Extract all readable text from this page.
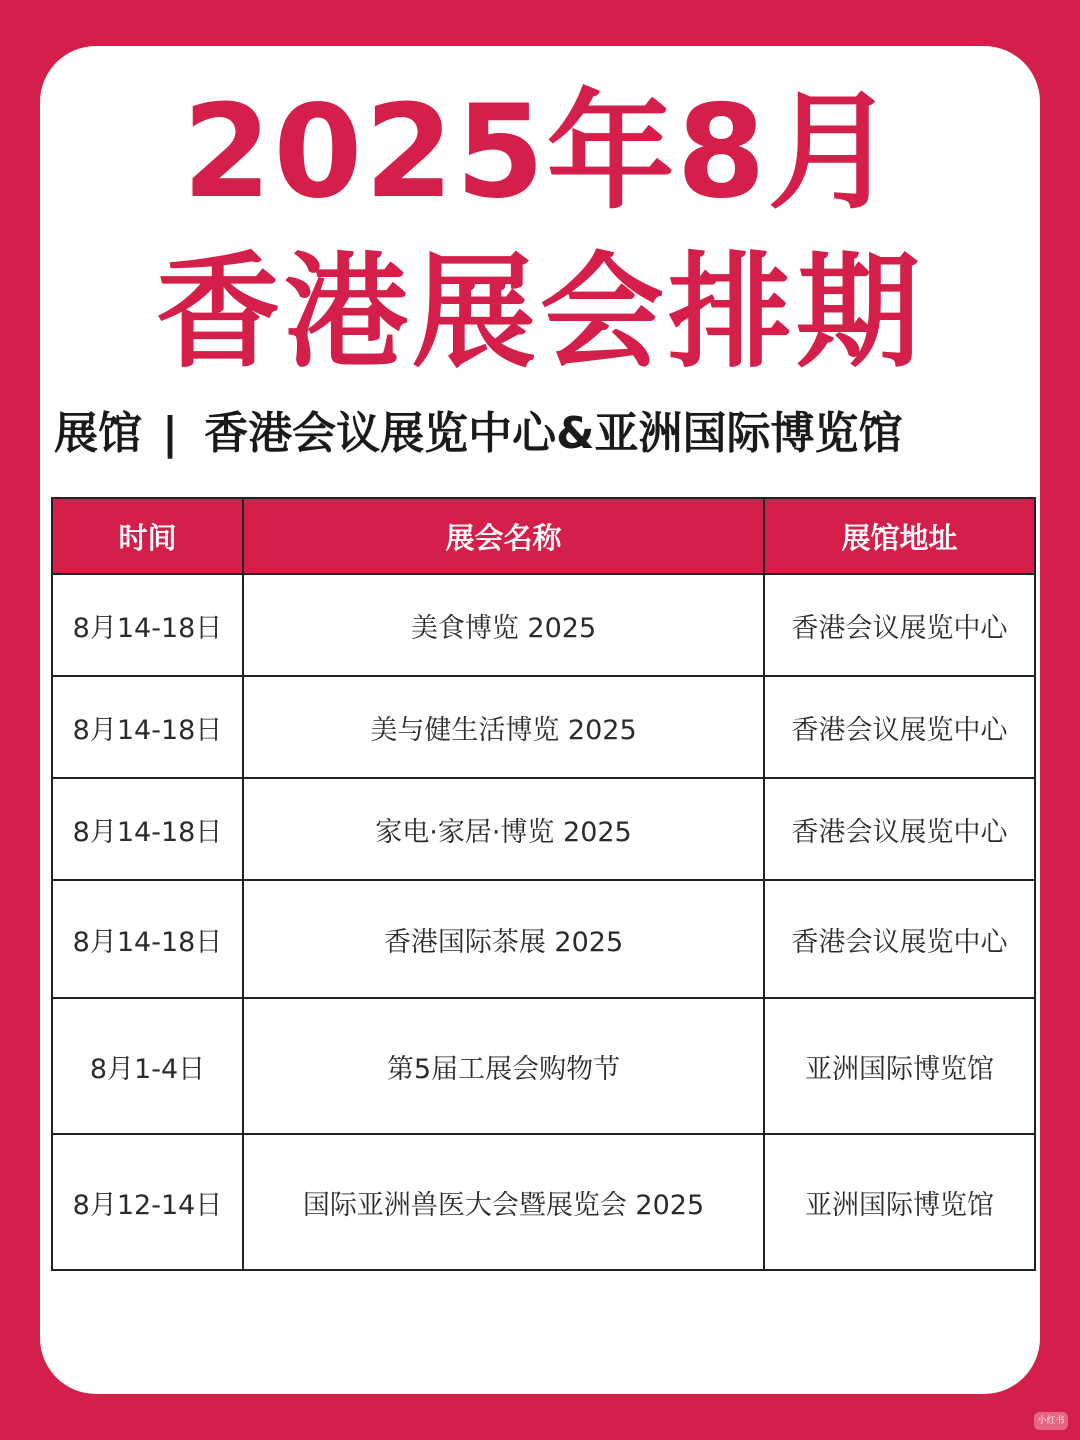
2025年8月
香港展会排期
展馆 | 香港会议展览中心&亚洲国际博览馆
时间	展会名称	展馆地址
8月14-18日	美食博览 2025	香港会议展览中心
8月14-18日	美与健生活博览 2025	香港会议展览中心
8月14-18日	家电·家居·博览 2025	香港会议展览中心
8月14-18日	香港国际茶展 2025	香港会议展览中心
8月1-4日	第5届工展会购物节	亚洲国际博览馆
8月12-14日	国际亚洲兽医大会暨展览会 2025	亚洲国际博览馆
小红书
